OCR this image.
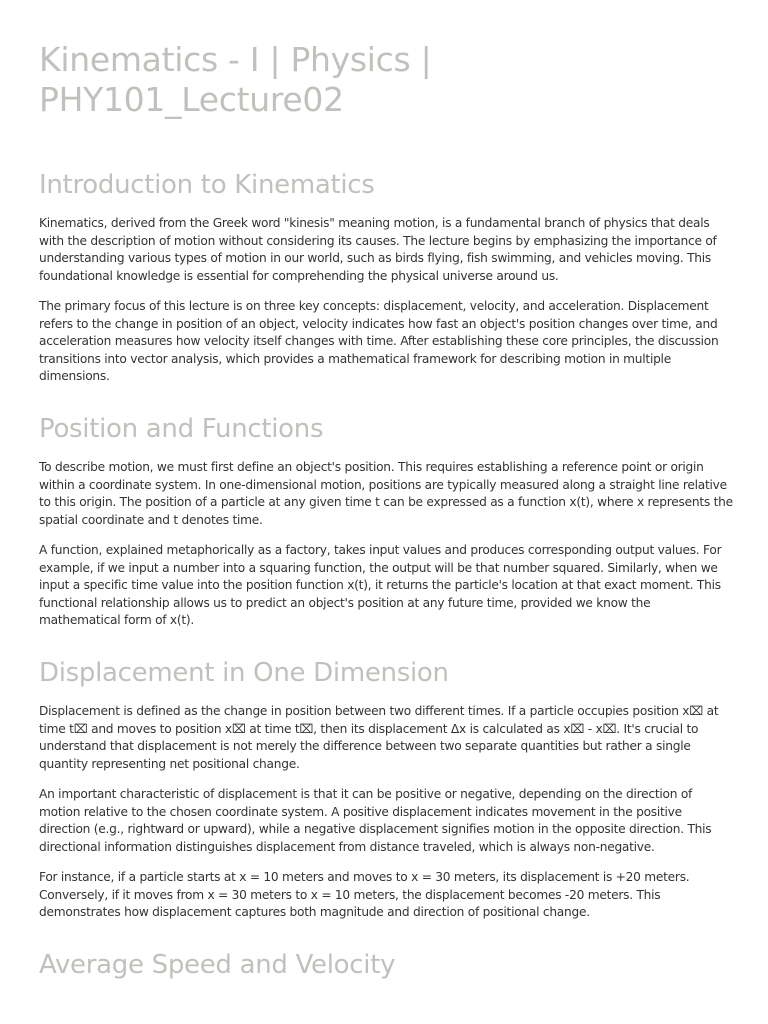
Kinematics - I | Physics | PHY101_Lecture02
Introduction to Kinematics

Kinematics, derived from the Greek word "kinesis" meaning motion, is a fundamental branch of physics that deals with the description of motion without considering its causes. The lecture begins by emphasizing the importance of understanding various types of motion in our world, such as birds flying, fish swimming, and vehicles moving. This foundational knowledge is essential for comprehending the physical universe around us.

The primary focus of this lecture is on three key concepts: displacement, velocity, and acceleration. Displacement refers to the change in position of an object, velocity indicates how fast an object's position changes over time, and acceleration measures how velocity itself changes with time. After establishing these core principles, the discussion transitions into vector analysis, which provides a mathematical framework for describing motion in multiple dimensions.

Position and Functions

To describe motion, we must first define an object's position. This requires establishing a reference point or origin within a coordinate system. In one-dimensional motion, positions are typically measured along a straight line relative to this origin. The position of a particle at any given time t can be expressed as a function x(t), where x represents the spatial coordinate and t denotes time.

A function, explained metaphorically as a factory, takes input values and produces corresponding output values. For example, if we input a number into a squaring function, the output will be that number squared. Similarly, when we input a specific time value into the position function x(t), it returns the particle's location at that exact moment. This functional relationship allows us to predict an object's position at any future time, provided we know the mathematical form of x(t).

Displacement in One Dimension

Displacement is defined as the change in position between two different times. If a particle occupies position x⌧ at time t⌧ and moves to position x⌧ at time t⌧, then its displacement Δx is calculated as x⌧ - x⌧. It's crucial to understand that displacement is not merely the difference between two separate quantities but rather a single quantity representing net positional change.

An important characteristic of displacement is that it can be positive or negative, depending on the direction of motion relative to the chosen coordinate system. A positive displacement indicates movement in the positive direction (e.g., rightward or upward), while a negative displacement signifies motion in the opposite direction. This directional information distinguishes displacement from distance traveled, which is always non-negative.

For instance, if a particle starts at x = 10 meters and moves to x = 30 meters, its displacement is +20 meters. Conversely, if it moves from x = 30 meters to x = 10 meters, the displacement becomes -20 meters. This demonstrates how displacement captures both magnitude and direction of positional change.

Average Speed and Velocity
